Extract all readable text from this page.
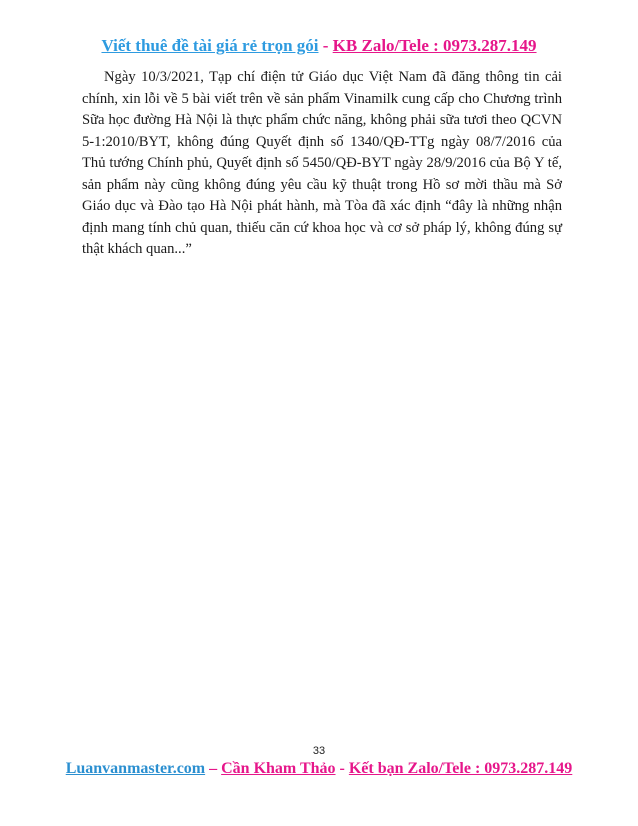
Viết thuê đề tài giá rẻ trọn gói - KB Zalo/Tele : 0973.287.149
Ngày 10/3/2021, Tạp chí điện tử Giáo dục Việt Nam đã đăng thông tin cải chính, xin lỗi về 5 bài viết trên về sản phẩm Vinamilk cung cấp cho Chương trình Sữa học đường Hà Nội là thực phẩm chức năng, không phải sữa tươi theo QCVN 5-1:2010/BYT, không đúng Quyết định số 1340/QĐ-TTg ngày 08/7/2016 của Thủ tướng Chính phủ, Quyết định số 5450/QĐ-BYT ngày 28/9/2016 của Bộ Y tế, sản phẩm này cũng không đúng yêu cầu kỹ thuật trong Hồ sơ mời thầu mà Sở Giáo dục và Đào tạo Hà Nội phát hành, mà Tòa đã xác định “đây là những nhận định mang tính chủ quan, thiếu căn cứ khoa học và cơ sở pháp lý, không đúng sự thật khách quan...”
33
Luanvanmaster.com – Cần Kham Thảo - Kết bạn Zalo/Tele : 0973.287.149
